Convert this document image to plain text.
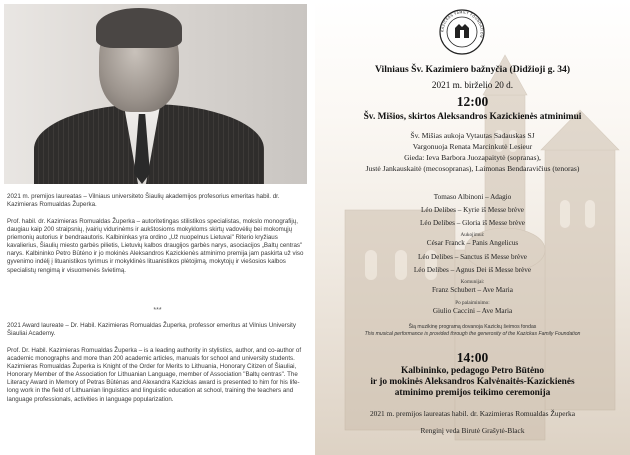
2021 m. premijos laureatas – Vilniaus universiteto Šiaulių akademijos profesorius emeritas habil. dr. Kazimieras Romualdas Župerka.
Prof. habil. dr. Kazimieras Romualdas Župerka – autoritetingas stilistikos specialistas, mokslo monografijų, daugiau kaip 200 straipsnių, įvairių vidurinėms ir aukštosioms mokykloms skirtų vadovėlių bei mokomųjų priemonių autorius ir bendraautoris. Kalbininkas yra ordino „Už nuopelnus Lietuvai" Riterio kryžiaus kavalierius, Šiaulių miesto garbės pilietis, Lietuvių kalbos draugijos garbės narys, asociacijos „Baltų centras" narys. Kalbininko Petro Būtėno ir jo mokinės Aleksandros Kazickienės atminimo premija jam paskirta už viso gyvenimo indėlį į lituanistikos tyrimus ir mokyklinės lituanistikos plėtojimą, mokytojų ir viešosios kalbos specialistų rengimą ir visuomenės švietimą.
***
2021 Award laureate – Dr. Habil. Kazimieras Romualdas Župerka, professor emeritus at Vilnius University Šiauliai Academy.
Prof. Dr. Habil. Kazimieras Romualdas Župerka – is a leading authority in stylistics, author, and co-author of academic monographs and more than 200 academic articles, manuals for school and university students. Kazimieras Romualdas Župerka is Knight of the Order for Merits to Lithuania, Honorary Citizen of Šiauliai, Honorary Member of the Association for Lithuanian Language, member of Association "Baltų centras". The Literacy Award in Memory of Petras Būtėnas and Alexandra Kazickas award is presented to him for his life-long work in the field of Lithuanian linguistics and linguistic education at school, training the teachers and language professionals, activities in language popularization.
KAZICKAS FAMILY FOUNDATION
Vilniaus Šv. Kazimiero bažnyčia (Didžioji g. 34)
2021 m. birželio 20 d.
12:00
Šv. Mišios, skirtos Aleksandros Kazickienės atminimui
Šv. Mišias aukoja Vytautas Sadauskas SJ
Vargonuoja Renata Marcinkutė Lesieur
Gieda: Ieva Barbora Juozapaitytė (sopranas),
Justė Jankauskaitė (mecosopranas), Laimonas Bendaravičius (tenoras)
Tomaso Albinoni – Adagio
Léo Delibes – Kyrie iš Messe brève
Léo Delibes – Gloria iš Messe brève
Aukojimui:
César Franck – Panis Angelicus
Léo Delibes – Sanctus iš Messe brève
Léo Delibes – Agnus Dei iš Messe brève
Komunijai:
Franz Schubert – Ave Maria
Po palaiminimo:
Giulio Caccini – Ave Maria
Šią muzikinę programą dovanoja Kazickų šeimos fondas
This musical performance is provided through the generosity of the Kazickas Family Foundation
14:00
Kalbininko, pedagogo Petro Būtėno
ir jo mokinės Aleksandros Kalvėnaitės-Kazickienės
atminimo premijos teikimo ceremonija
2021 m. premijos laureatas habil. dr. Kazimieras Romualdas Župerka
Renginį veda Birutė Grašytė-Black
